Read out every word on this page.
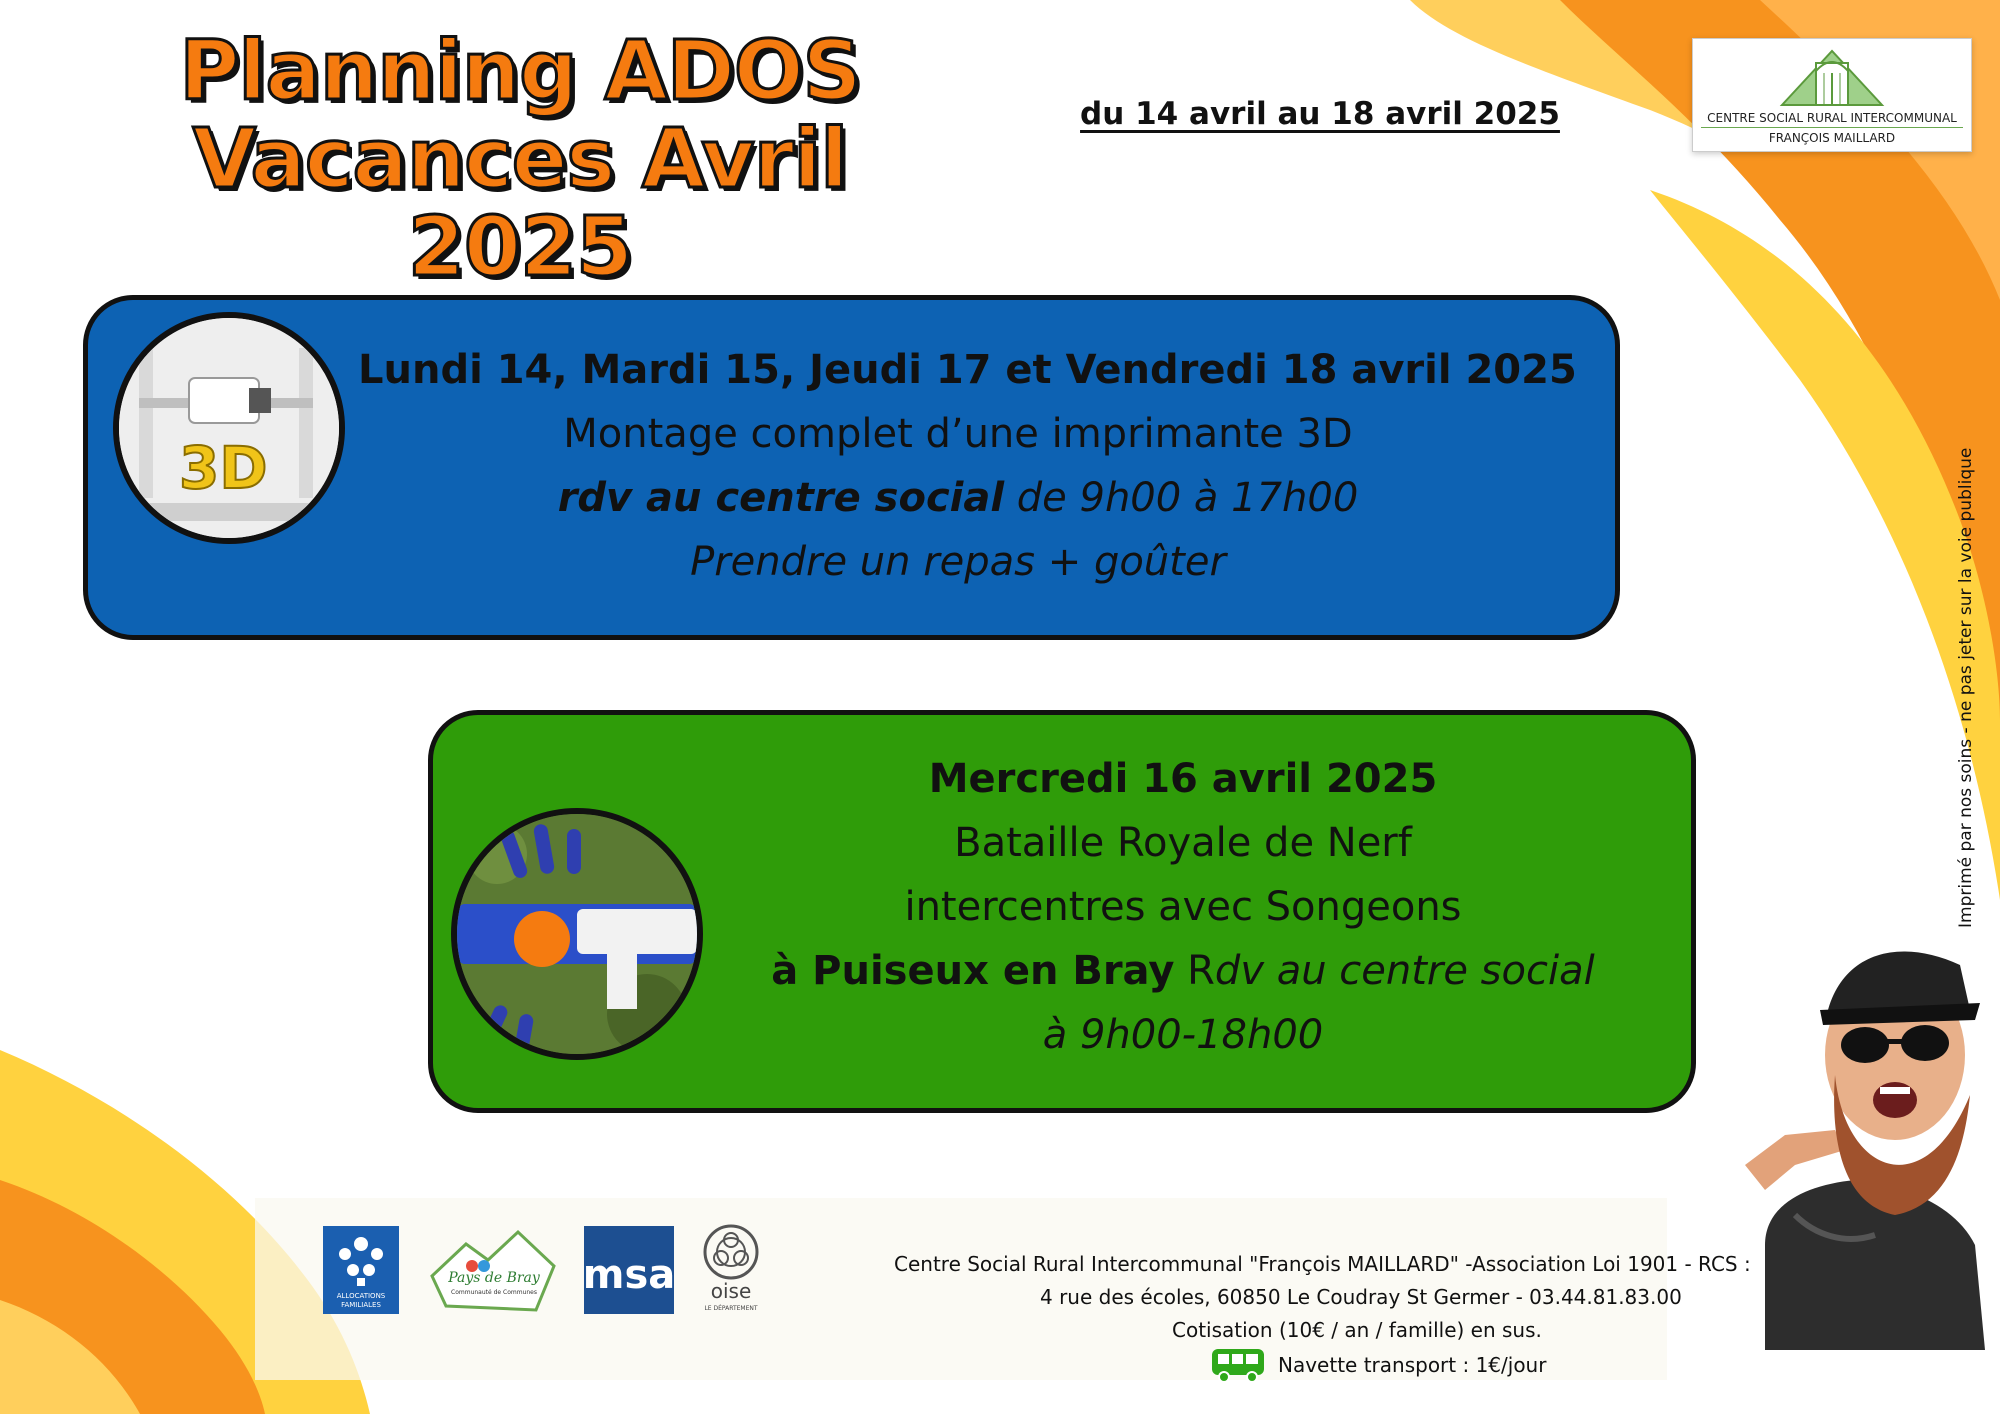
Planning ADOS
Vacances Avril 2025
du 14 avril au 18 avril 2025	CENTRE SOCIAL RURAL INTERCOMMUNAL
FRANÇOIS MAILLARD

Lundi 14, Mardi 15, Jeudi 17 et Vendredi 18 avril 2025

Montage complet d’une imprimante 3D

rdv au centre social de 9h00 à 17h00

Prendre un repas + goûter

3D

Mercredi 16 avril 2025

Bataille Royale de Nerf

intercentres avec Songeons

à Puiseux en Bray Rdv au centre social

à 9h00-18h00

Imprimé par nos soins - ne pas jeter sur la voie publique
ALLOCATIONS FAMILIALES
Pays de Bray
Communauté de Communes msa oise
LE DÉPARTEMENT
Centre Social Rural Intercommunal "François MAILLARD" -Association Loi 1901 - RCS :
4 rue des écoles, 60850 Le Coudray St Germer - 03.44.81.83.00
Cotisation (10€ / an / famille) en sus.
Navette transport : 1€/jour
